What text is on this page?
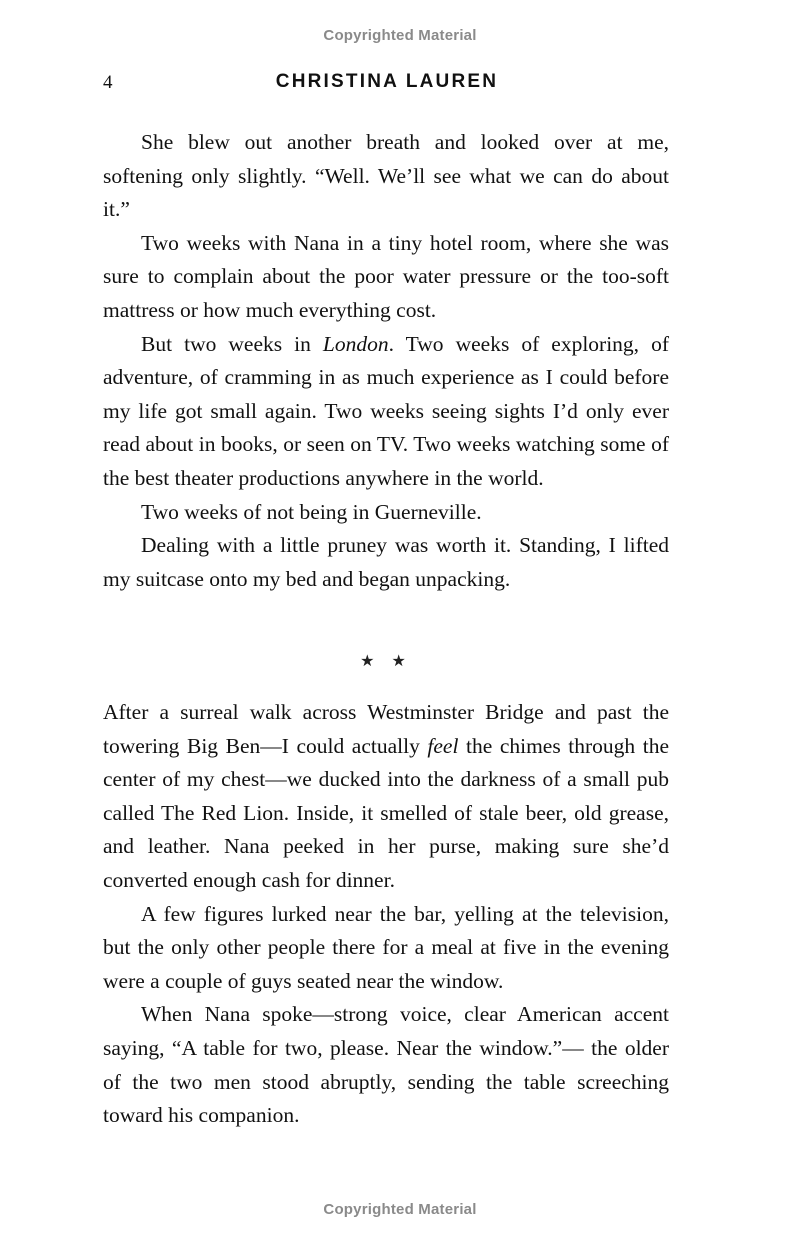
Copyrighted Material
4	CHRISTINA LAUREN

She blew out another breath and looked over at me, softening only slightly. “Well. We’ll see what we can do about it.”

Two weeks with Nana in a tiny hotel room, where she was sure to complain about the poor water pressure or the too-soft mattress or how much everything cost.

But two weeks in London. Two weeks of exploring, of adventure, of cramming in as much experience as I could before my life got small again. Two weeks seeing sights I’d only ever read about in books, or seen on TV. Two weeks watching some of the best theater productions anywhere in the world.

Two weeks of not being in Guerneville.

Dealing with a little pruney was worth it. Standing, I lifted my suitcase onto my bed and began unpacking.

★ ★

After a surreal walk across Westminster Bridge and past the towering Big Ben—I could actually feel the chimes through the center of my chest—we ducked into the darkness of a small pub called The Red Lion. Inside, it smelled of stale beer, old grease, and leather. Nana peeked in her purse, making sure she’d converted enough cash for dinner.

A few figures lurked near the bar, yelling at the television, but the only other people there for a meal at five in the evening were a couple of guys seated near the window.

When Nana spoke—strong voice, clear American accent saying, “A table for two, please. Near the window.”— the older of the two men stood abruptly, sending the table screeching toward his companion.

Copyrighted Material
